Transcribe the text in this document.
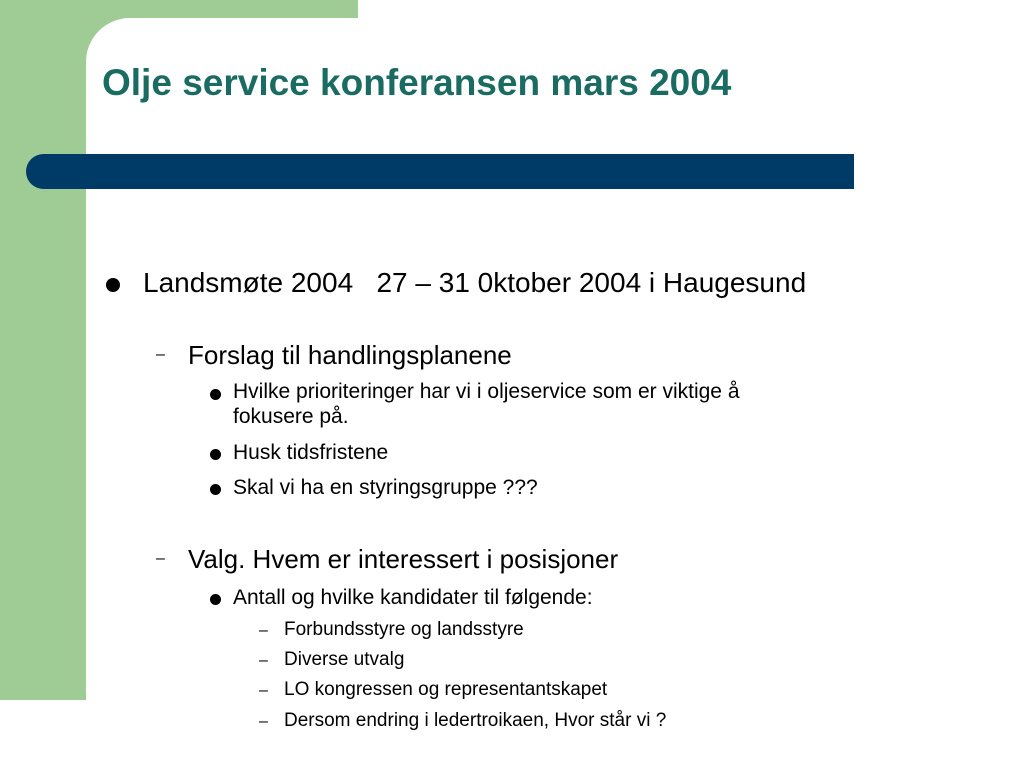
Olje service konferansen mars 2004
Landsmøte 2004   27 – 31 0ktober 2004 i Haugesund
– Forslag til handlingsplanene
Hvilke prioriteringer har vi i oljeservice som er viktige å
fokusere på.
Husk tidsfristene
Skal vi ha en styringsgruppe ???
– Valg. Hvem er interessert i posisjoner
Antall og hvilke kandidater til følgende:
– Forbundsstyre og landsstyre
– Diverse utvalg
– LO kongressen og representantskapet
– Dersom endring i ledertroikaen, Hvor står vi ?
